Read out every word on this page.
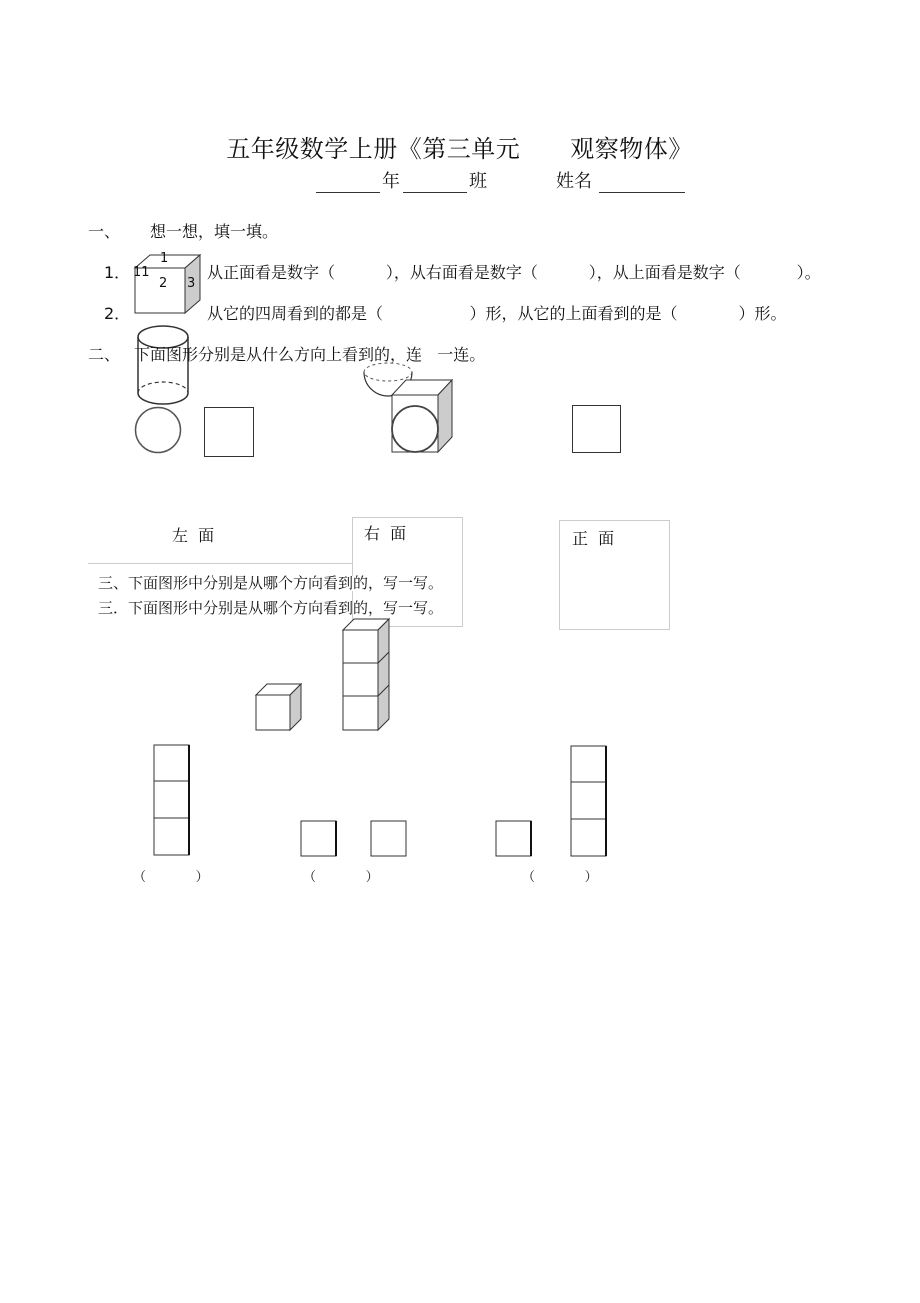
五年级数学上册《第三单元 观察物体》

年	班	姓名
一、 想一想，填一填。
1．	从正面看是数字（          ），从右面看是数字（          ），从上面看是数字（           ）。
1
11
2 3
2．	从它的四周看到的都是（                 ）形，从它的上面看到的是（            ）形。
二、 下面图形分别是从什么方向上看到的，连   一连。
左  面	右  面	正  面
三、下面图形中分别是从哪个方向看到的，写一写。
三．下面图形中分别是从哪个方向看到的，写一写。
（            ）	（            ）	（            ）
